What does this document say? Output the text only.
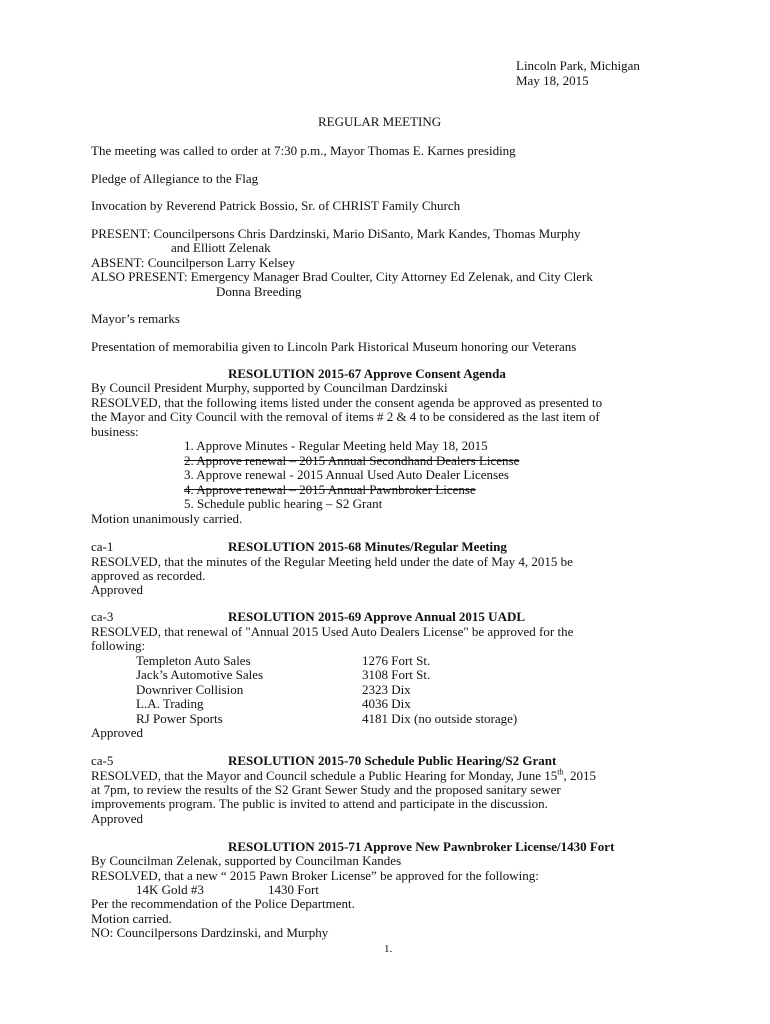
Lincoln Park, Michigan
May 18, 2015
REGULAR MEETING
The meeting was called to order at 7:30 p.m., Mayor Thomas E. Karnes presiding
Pledge of Allegiance to the Flag
Invocation by Reverend Patrick Bossio, Sr. of CHRIST Family Church
PRESENT: Councilpersons Chris Dardzinski, Mario DiSanto, Mark Kandes, Thomas Murphy
and Elliott Zelenak
ABSENT: Councilperson Larry Kelsey
ALSO PRESENT: Emergency Manager Brad Coulter, City Attorney Ed Zelenak, and City Clerk
Donna Breeding
Mayor’s remarks
Presentation of memorabilia given to Lincoln Park Historical Museum honoring our Veterans
RESOLUTION 2015-67 Approve Consent Agenda
By Council President Murphy, supported by Councilman Dardzinski
RESOLVED, that the following items listed under the consent agenda be approved as presented to
the Mayor and City Council with the removal of items # 2 & 4 to be considered as the last item of
business:
1. Approve Minutes - Regular Meeting held May 18, 2015
2. Approve renewal – 2015 Annual Secondhand Dealers License
3. Approve renewal - 2015 Annual Used Auto Dealer Licenses
4. Approve renewal – 2015 Annual Pawnbroker License
5. Schedule public hearing – S2 Grant
Motion unanimously carried.
ca-1	RESOLUTION 2015-68 Minutes/Regular Meeting
RESOLVED, that the minutes of the Regular Meeting held under the date of May 4, 2015 be
approved as recorded.
Approved
ca-3	RESOLUTION 2015-69 Approve Annual 2015 UADL
RESOLVED, that renewal of "Annual 2015 Used Auto Dealers License" be approved for the
following:
Templeton Auto Sales	1276 Fort St.
Jack’s Automotive Sales	3108 Fort St.
Downriver Collision	2323 Dix
L.A. Trading	4036 Dix
RJ Power Sports	4181 Dix (no outside storage)
Approved
ca-5	RESOLUTION 2015-70 Schedule Public Hearing/S2 Grant
RESOLVED, that the Mayor and Council schedule a Public Hearing for Monday, June 15th, 2015
at 7pm, to review the results of the S2 Grant Sewer Study and the proposed sanitary sewer
improvements program. The public is invited to attend and participate in the discussion.
Approved
RESOLUTION 2015-71 Approve New Pawnbroker License/1430 Fort
By Councilman Zelenak, supported by Councilman Kandes
RESOLVED, that a new “ 2015 Pawn Broker License” be approved for the following:
14K Gold #3	1430 Fort
Per the recommendation of the Police Department.
Motion carried.
NO: Councilpersons Dardzinski, and Murphy
1.
